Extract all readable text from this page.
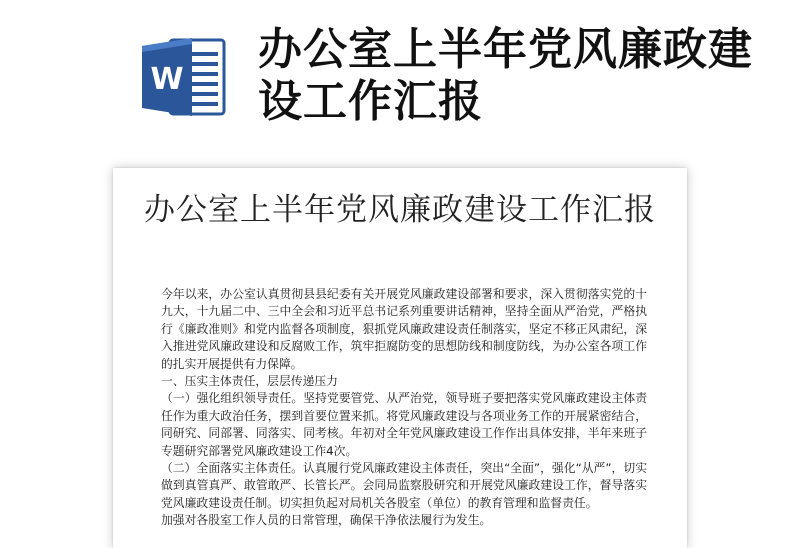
W
办公室上半年党风廉政建设工作汇报
办公室上半年党风廉政建设工作汇报

今年以来，办公室认真贯彻县县纪委有关开展党风廉政建设部署和要求，深入贯彻落实党的十九大，十九届二中、三中全会和习近平总书记系列重要讲话精神，坚持全面从严治党，严格执行《廉政准则》和党内监督各项制度，狠抓党风廉政建设责任制落实，坚定不移正风肃纪，深入推进党风廉政建设和反腐败工作，筑牢拒腐防变的思想防线和制度防线，为办公室各项工作的扎实开展提供有力保障。

一、压实主体责任，层层传递压力

（一）强化组织领导责任。坚持党要管党、从严治党，领导班子要把落实党风廉政建设主体责任作为重大政治任务，摆到首要位置来抓。将党风廉政建设与各项业务工作的开展紧密结合，同研究、同部署、同落实、同考核。年初对全年党风廉政建设工作作出具体安排，半年来班子专题研究部署党风廉政建设工作4次。

（二）全面落实主体责任。认真履行党风廉政建设主体责任，突出“全面”，强化“从严”，切实做到真管真严、敢管敢严、长管长严。会同局监察股研究和开展党风廉政建设工作，督导落实党风廉政建设责任制。切实担负起对局机关各股室（单位）的教育管理和监督责任。

加强对各股室工作人员的日常管理，确保干净依法履行为发生。
